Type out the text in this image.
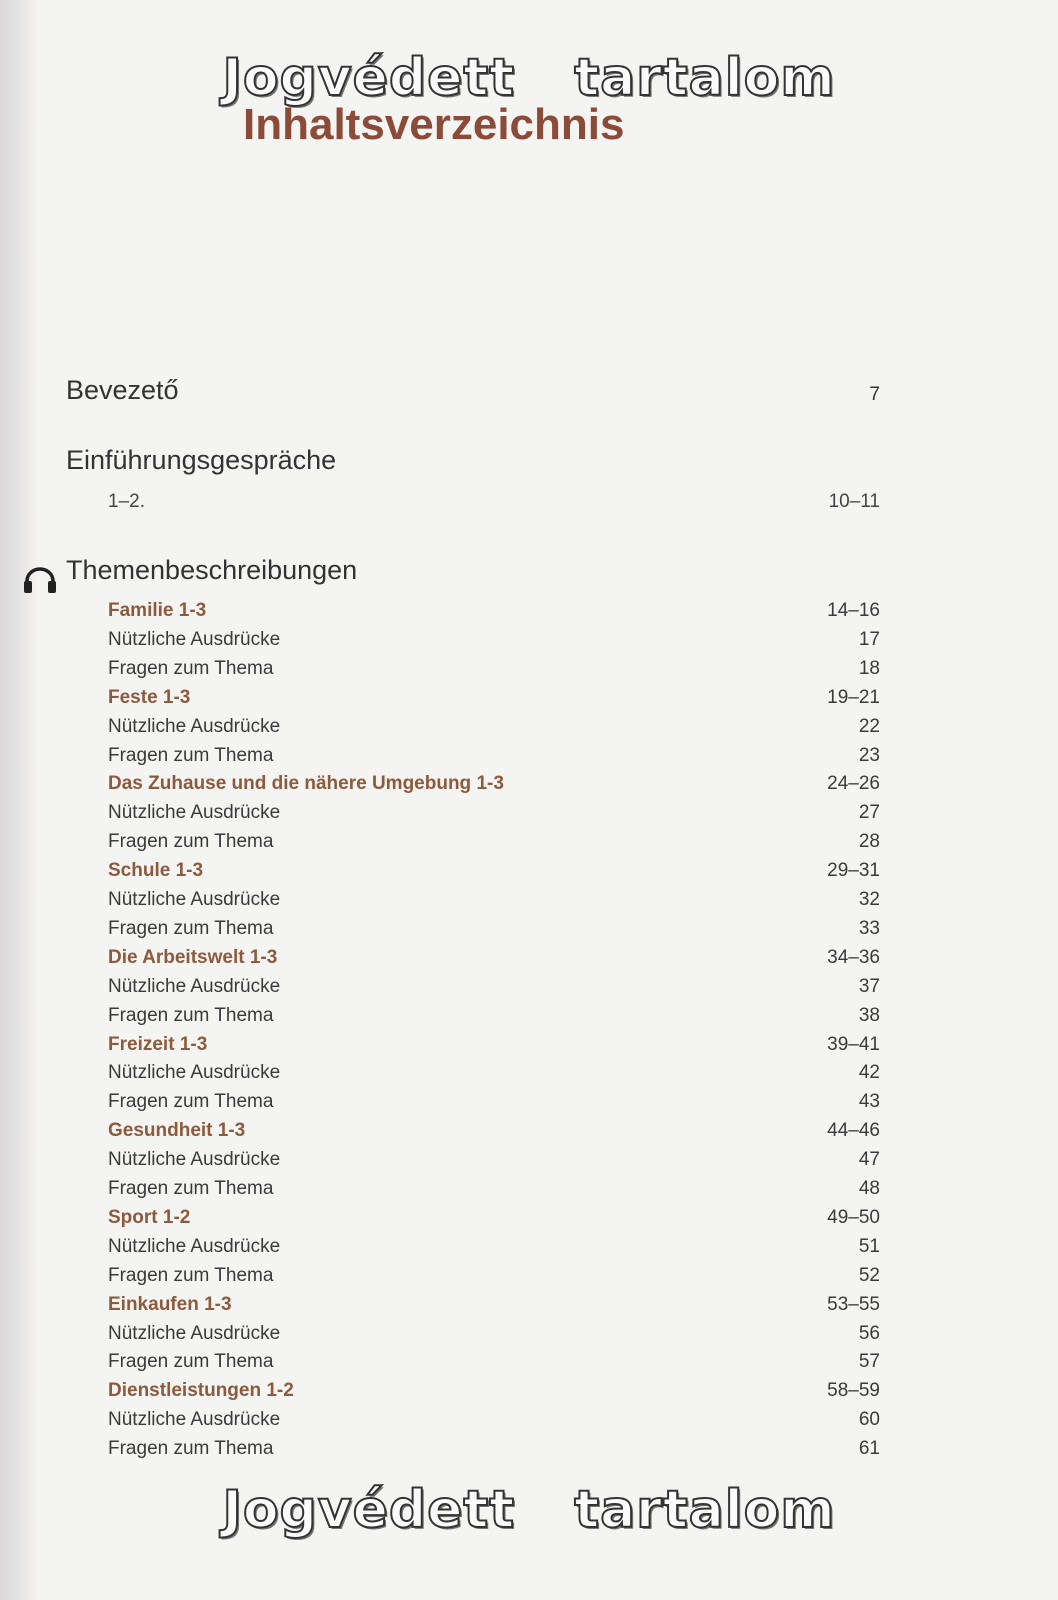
Jogvédett tartalom
Inhaltsverzeichnis
Bevezető	7
Einführungsgespräche
1–2.	10–11
Themenbeschreibungen
Familie 1-3	14–16
Nützliche Ausdrücke	17
Fragen zum Thema	18
Feste 1-3	19–21
Nützliche Ausdrücke	22
Fragen zum Thema	23
Das Zuhause und die nähere Umgebung 1-3	24–26
Nützliche Ausdrücke	27
Fragen zum Thema	28
Schule 1-3	29–31
Nützliche Ausdrücke	32
Fragen zum Thema	33
Die Arbeitswelt 1-3	34–36
Nützliche Ausdrücke	37
Fragen zum Thema	38
Freizeit 1-3	39–41
Nützliche Ausdrücke	42
Fragen zum Thema	43
Gesundheit 1-3	44–46
Nützliche Ausdrücke	47
Fragen zum Thema	48
Sport 1-2	49–50
Nützliche Ausdrücke	51
Fragen zum Thema	52
Einkaufen 1-3	53–55
Nützliche Ausdrücke	56
Fragen zum Thema	57
Dienstleistungen 1-2	58–59
Nützliche Ausdrücke	60
Fragen zum Thema	61
Jogvédett tartalom
